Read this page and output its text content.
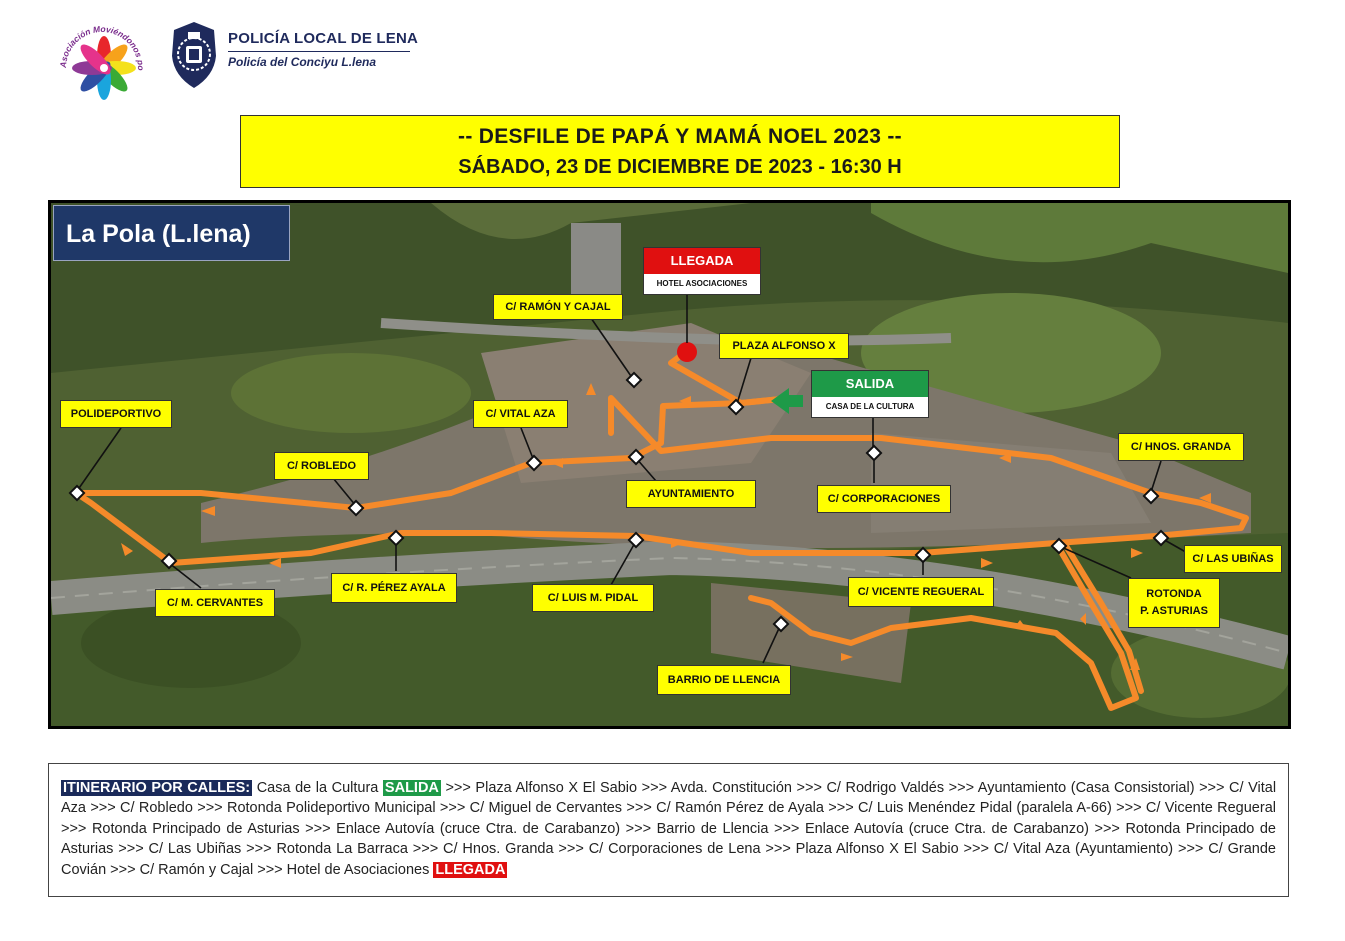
Asociación Moviéndonos po
POLICÍA LOCAL DE LENA
Policía del Conciyu L.lena
-- DESFILE DE PAPÁ Y MAMÁ NOEL 2023 --
SÁBADO, 23 DE DICIEMBRE DE 2023 - 16:30 H
La Pola (L.lena)
LLEGADA
HOTEL ASOCIACIONES
SALIDA
CASA DE LA CULTURA
C/ RAMÓN Y CAJAL
PLAZA ALFONSO X
POLIDEPORTIVO	C/ VITAL AZA
C/ ROBLEDO
AYUNTAMIENTO	C/ CORPORACIONES
C/ HNOS. GRANDA
C/ LAS UBIÑAS
C/ M. CERVANTES
C/ R. PÉREZ AYALA
C/ LUIS M. PIDAL	C/ VICENTE REGUERAL	ROTONDA
P. ASTURIAS
BARRIO DE LLENCIA
ITINERARIO POR CALLES: Casa de la Cultura SALIDA >>> Plaza Alfonso X El Sabio >>> Avda. Constitución >>> C/ Rodrigo Valdés >>> Ayuntamiento (Casa Consistorial) >>> C/ Vital Aza >>> C/ Robledo >>> Rotonda Polideportivo Municipal >>> C/ Miguel de Cervantes >>> C/ Ramón Pérez de Ayala >>> C/ Luis Menéndez Pidal (paralela A-66) >>> C/ Vicente Regueral >>> Rotonda Principado de Asturias >>> Enlace Autovía (cruce Ctra. de Carabanzo) >>> Barrio de Llencia >>> Enlace Autovía (cruce Ctra. de Carabanzo) >>> Rotonda Principado de Asturias >>> C/ Las Ubiñas >>> Rotonda La Barraca >>> C/ Hnos. Granda >>> C/ Corporaciones de Lena >>> Plaza Alfonso X El Sabio >>> C/ Vital Aza (Ayuntamiento) >>> C/ Grande Covián >>> C/ Ramón y Cajal >>> Hotel de Asociaciones LLEGADA
